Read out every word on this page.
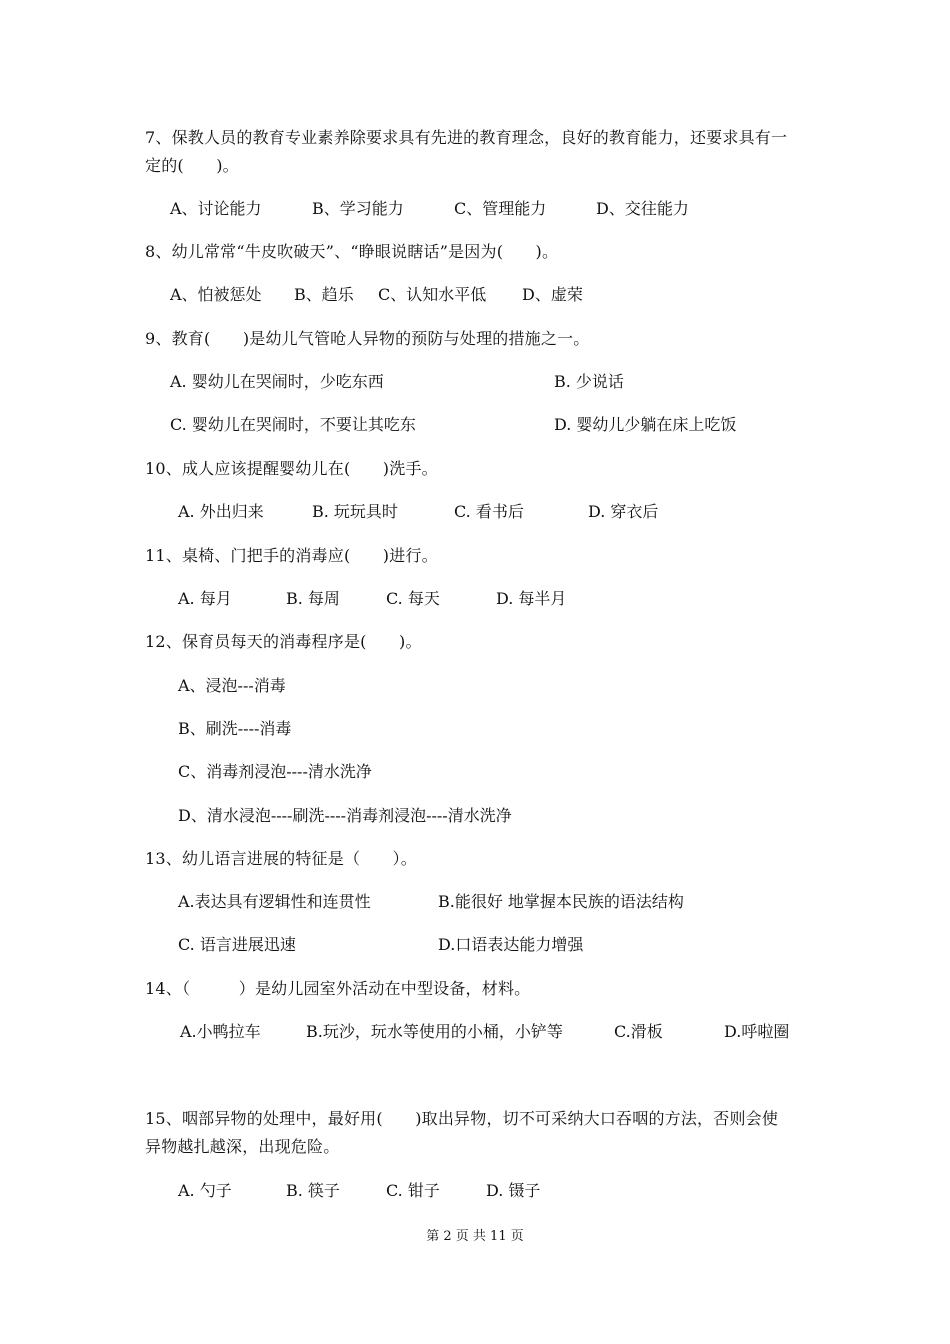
7、保教人员的教育专业素养除要求具有先进的教育理念，良好的教育能力，还要求具有一
定的(　　)。
A、讨论能力	B、学习能力	C、管理能力	D、交往能力
8、幼儿常常“牛皮吹破天”、“睁眼说瞎话”是因为(　　)。
A、怕被惩处 B、趋乐 C、认知水平低 D、虚荣
9、教育(　　)是幼儿气管呛人异物的预防与处理的措施之一。
A. 婴幼儿在哭闹时，少吃东西	B. 少说话
C. 婴幼儿在哭闹时，不要让其吃东	D. 婴幼儿少躺在床上吃饭
10、成人应该提醒婴幼儿在(　　)洗手。
A. 外出归来	B. 玩玩具时	C. 看书后	D. 穿衣后
11、桌椅、门把手的消毒应(　　)进行。
A. 每月	B. 每周	C. 每天	D. 每半月
12、保育员每天的消毒程序是(　　)。
A、浸泡---消毒
B、刷洗----消毒
C、消毒剂浸泡----清水洗净
D、清水浸泡----刷洗----消毒剂浸泡----清水洗净
13、幼儿语言进展的特征是（　　）。
A.表达具有逻辑性和连贯性	B.能很好 地掌握本民族的语法结构
C. 语言进展迅速	D.口语表达能力增强
14、（　　　）是幼儿园室外活动在中型设备，材料。
A.小鸭拉车	B.玩沙，玩水等使用的小桶，小铲等	C.滑板	D.呼啦圈
15、咽部异物的处理中，最好用(　　)取出异物，切不可采纳大口吞咽的方法，否则会使
异物越扎越深，出现危险。
A. 勺子	B. 筷子	C. 钳子	D. 镊子
第 2 页 共 11 页
